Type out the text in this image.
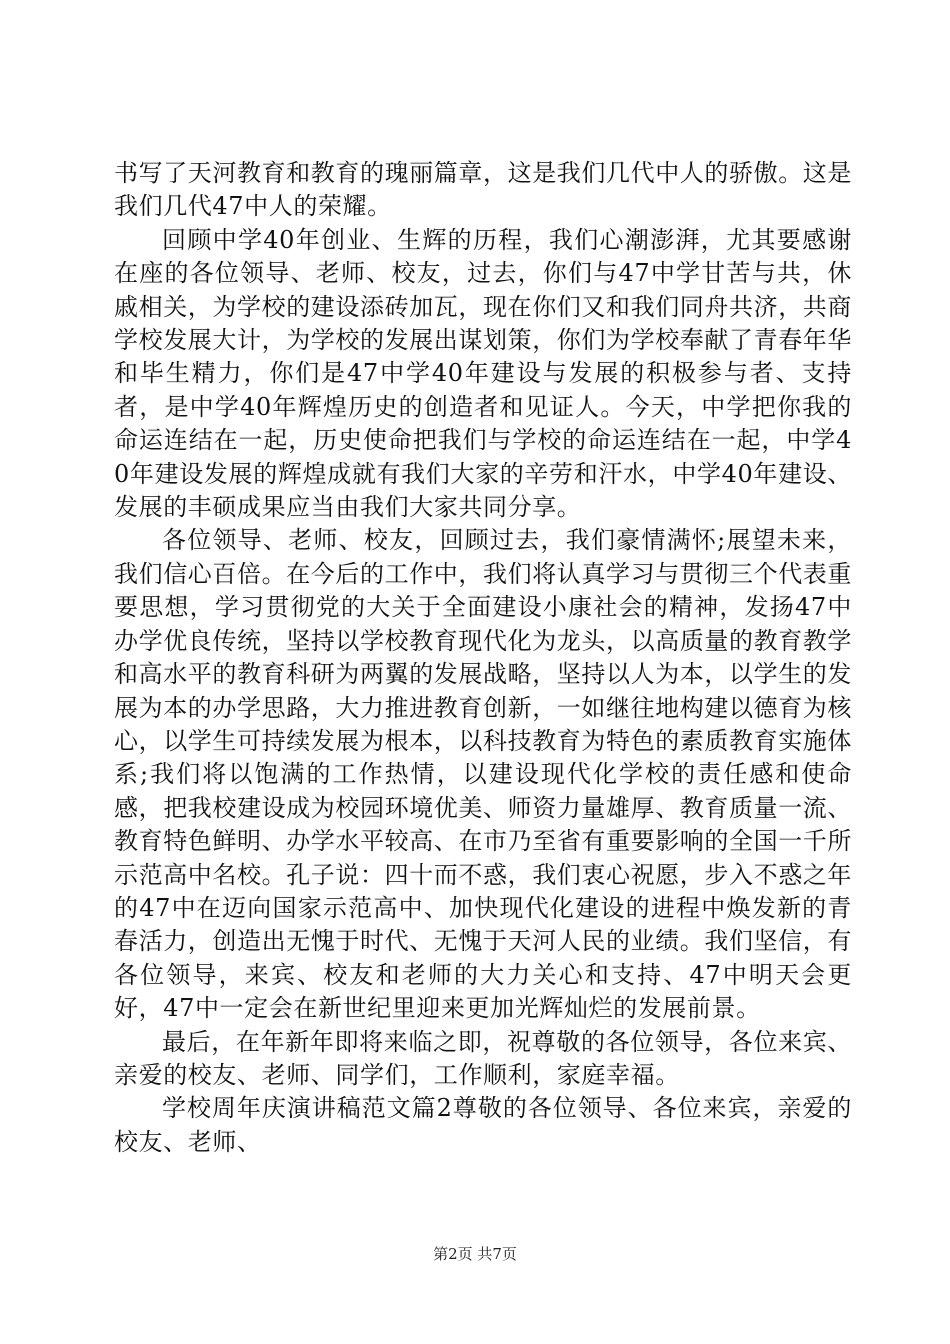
书写了天河教育和教育的瑰丽篇章，这是我们几代中人的骄傲。这是我们几代47中人的荣耀。

回顾中学40年创业、生辉的历程，我们心潮澎湃，尤其要感谢在座的各位领导、老师、校友，过去，你们与47中学甘苦与共，休戚相关，为学校的建设添砖加瓦，现在你们又和我们同舟共济，共商学校发展大计，为学校的发展出谋划策，你们为学校奉献了青春年华和毕生精力，你们是47中学40年建设与发展的积极参与者、支持者，是中学40年辉煌历史的创造者和见证人。今天，中学把你我的命运连结在一起，历史使命把我们与学校的命运连结在一起，中学40年建设发展的辉煌成就有我们大家的辛劳和汗水，中学40年建设、发展的丰硕成果应当由我们大家共同分享。

各位领导、老师、校友，回顾过去，我们豪情满怀;展望未来，我们信心百倍。在今后的工作中，我们将认真学习与贯彻三个代表重要思想，学习贯彻党的大关于全面建设小康社会的精神，发扬47中办学优良传统，坚持以学校教育现代化为龙头，以高质量的教育教学和高水平的教育科研为两翼的发展战略，坚持以人为本，以学生的发展为本的办学思路，大力推进教育创新，一如继往地构建以德育为核心，以学生可持续发展为根本，以科技教育为特色的素质教育实施体系;我们将以饱满的工作热情，以建设现代化学校的责任感和使命感，把我校建设成为校园环境优美、师资力量雄厚、教育质量一流、教育特色鲜明、办学水平较高、在市乃至省有重要影响的全国一千所示范高中名校。孔子说：四十而不惑，我们衷心祝愿，步入不惑之年的47中在迈向国家示范高中、加快现代化建设的进程中焕发新的青春活力，创造出无愧于时代、无愧于天河人民的业绩。我们坚信，有各位领导，来宾、校友和老师的大力关心和支持、47中明天会更好，47中一定会在新世纪里迎来更加光辉灿烂的发展前景。

最后，在年新年即将来临之即，祝尊敬的各位领导，各位来宾、亲爱的校友、老师、同学们，工作顺利，家庭幸福。

学校周年庆演讲稿范文篇2尊敬的各位领导、各位来宾，亲爱的校友、老师、

第2页 共7页
